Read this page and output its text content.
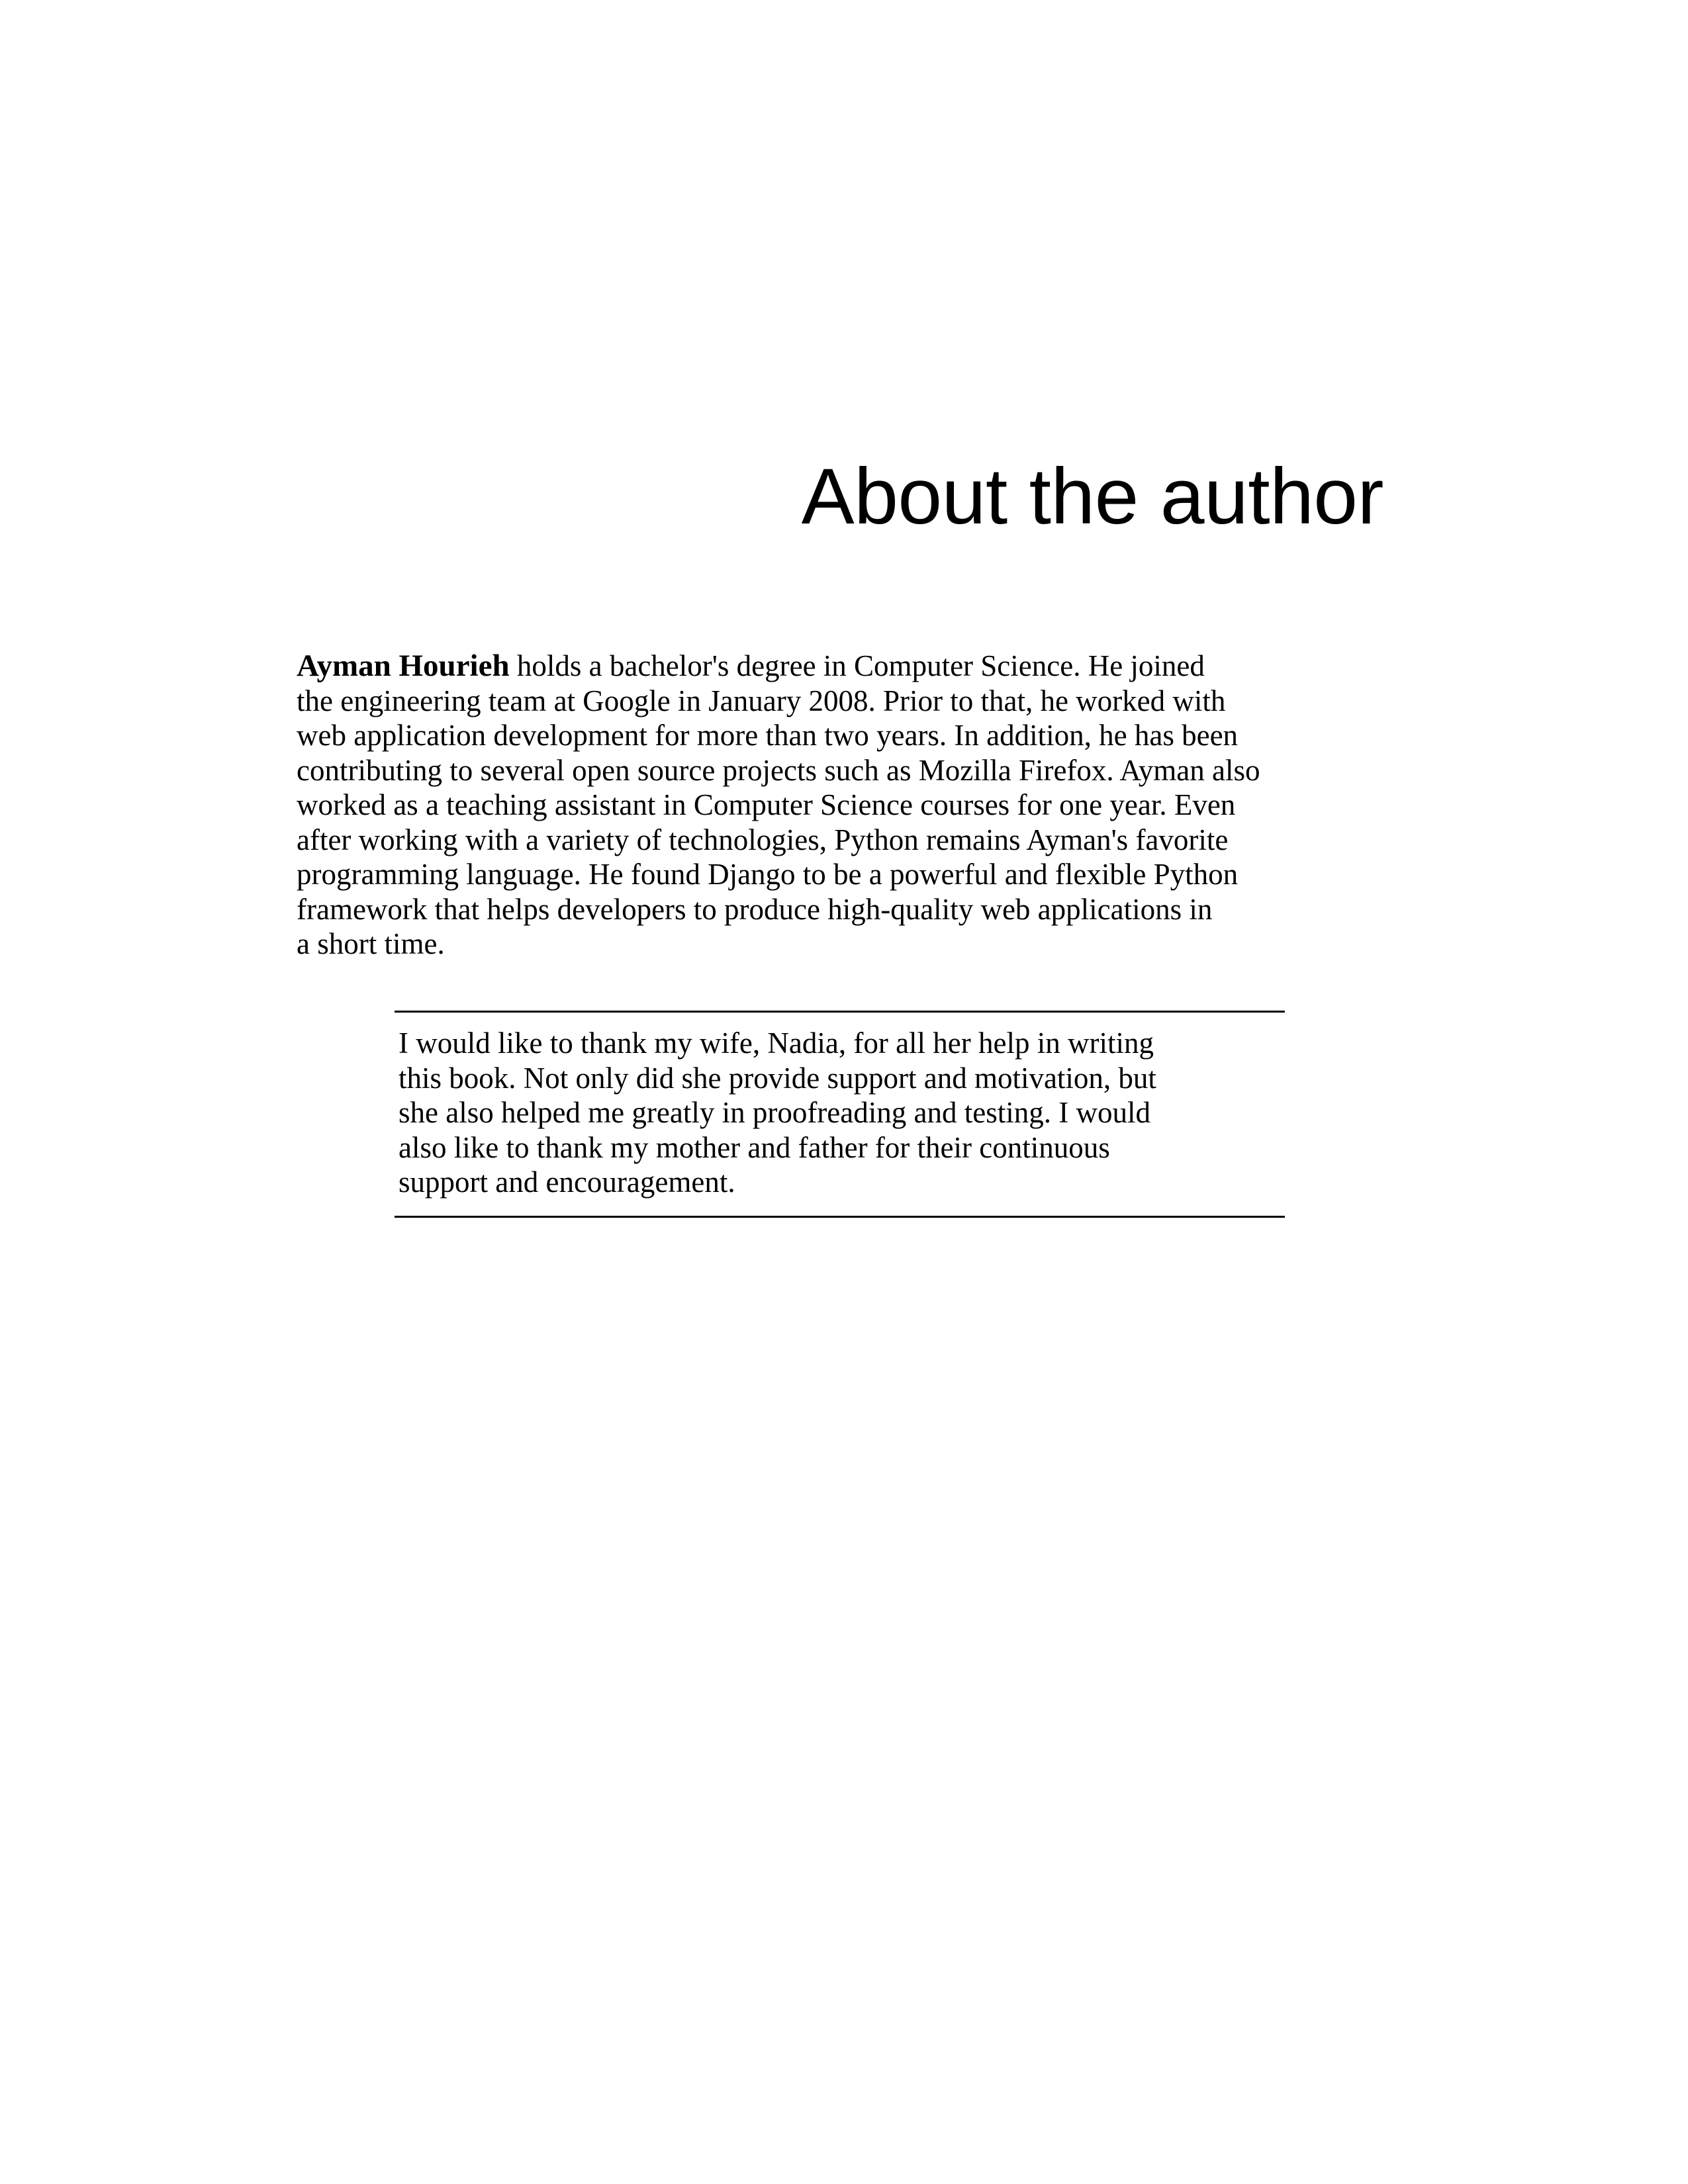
About the author

Ayman Hourieh holds a bachelor's degree in Computer Science. He joined
the engineering team at Google in January 2008. Prior to that, he worked with
web application development for more than two years. In addition, he has been
contributing to several open source projects such as Mozilla Firefox. Ayman also
worked as a teaching assistant in Computer Science courses for one year. Even
after working with a variety of technologies, Python remains Ayman's favorite
programming language. He found Django to be a powerful and flexible Python
framework that helps developers to produce high-quality web applications in
a short time.

I would like to thank my wife, Nadia, for all her help in writing
this book. Not only did she provide support and motivation, but
she also helped me greatly in proofreading and testing. I would
also like to thank my mother and father for their continuous
support and encouragement.
